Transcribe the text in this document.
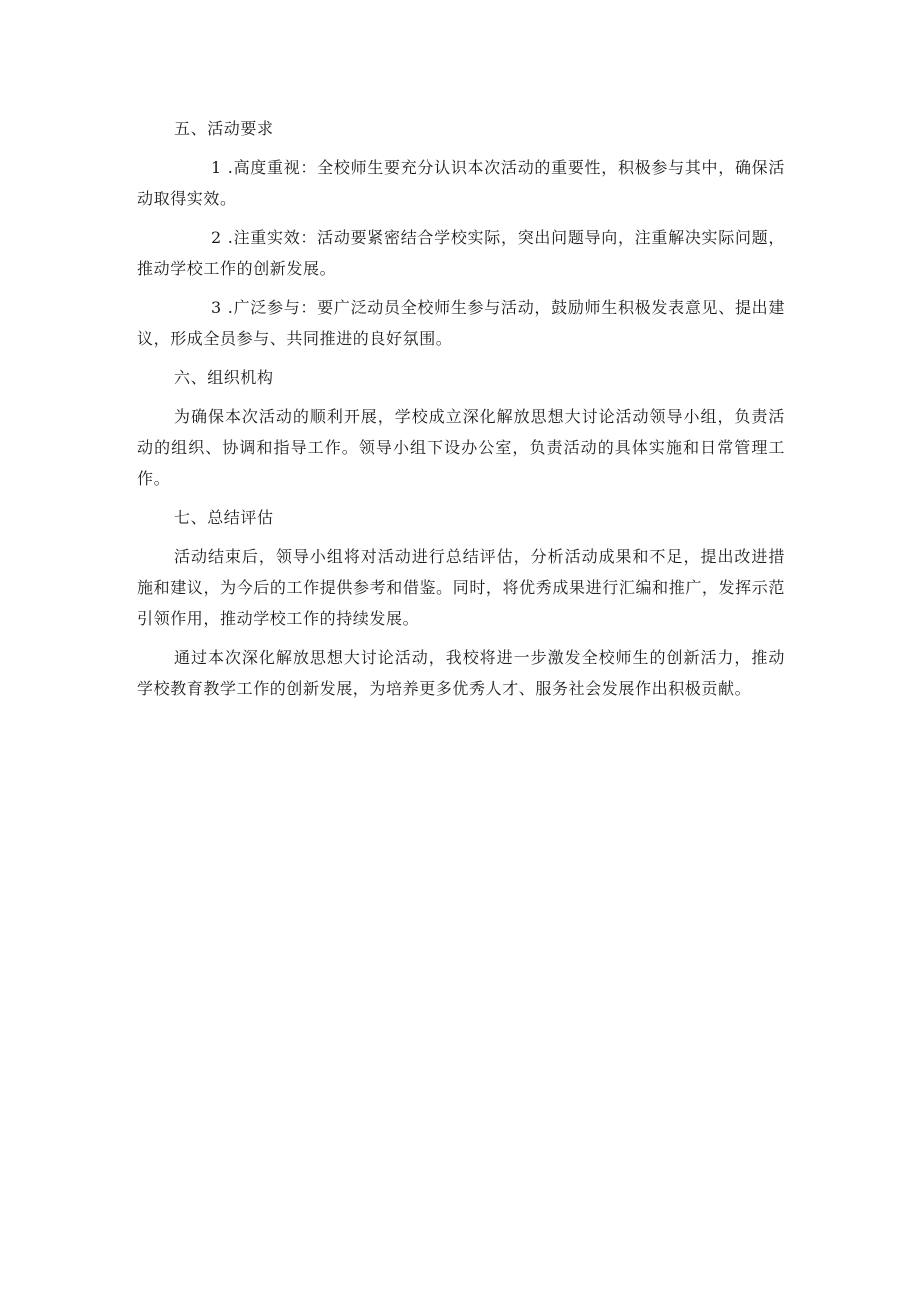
五、活动要求

1 .高度重视：全校师生要充分认识本次活动的重要性，积极参与其中，确保活动取得实效。

2 .注重实效：活动要紧密结合学校实际，突出问题导向，注重解决实际问题，推动学校工作的创新发展。

3 .广泛参与：要广泛动员全校师生参与活动，鼓励师生积极发表意见、提出建议，形成全员参与、共同推进的良好氛围。

六、组织机构

为确保本次活动的顺利开展，学校成立深化解放思想大讨论活动领导小组，负责活动的组织、协调和指导工作。领导小组下设办公室，负责活动的具体实施和日常管理工作。

七、总结评估

活动结束后，领导小组将对活动进行总结评估，分析活动成果和不足，提出改进措施和建议，为今后的工作提供参考和借鉴。同时，将优秀成果进行汇编和推广，发挥示范引领作用，推动学校工作的持续发展。

通过本次深化解放思想大讨论活动，我校将进一步激发全校师生的创新活力，推动学校教育教学工作的创新发展，为培养更多优秀人才、服务社会发展作出积极贡献。
